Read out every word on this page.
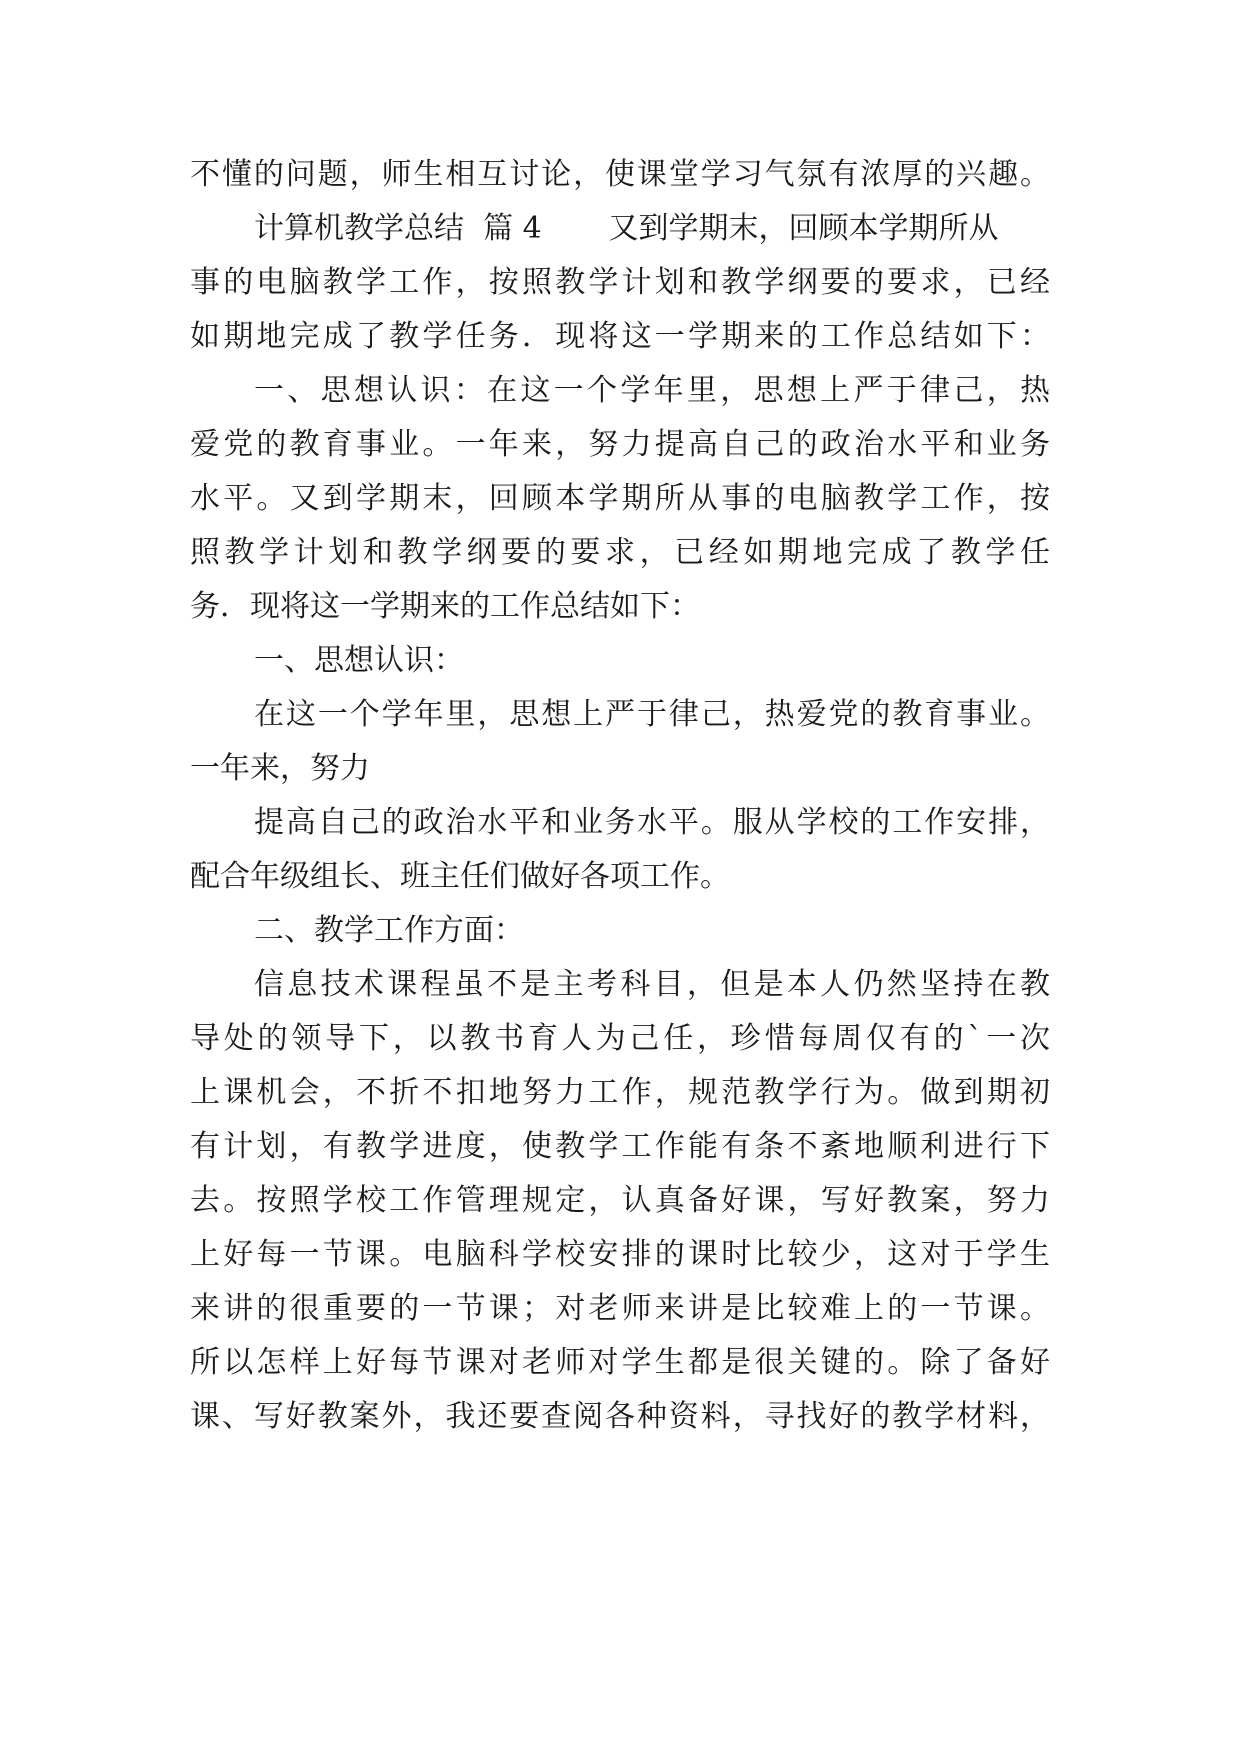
不懂的问题，师生相互讨论，使课堂学习气氛有浓厚的兴趣。
计算机教学总结  篇 4       又到学期末，回顾本学期所从
事的电脑教学工作，按照教学计划和教学纲要的要求，已经
如期地完成了教学任务．现将这一学期来的工作总结如下：
一、思想认识：在这一个学年里，思想上严于律己，热
爱党的教育事业。一年来，努力提高自己的政治水平和业务
水平。又到学期末，回顾本学期所从事的电脑教学工作，按
照教学计划和教学纲要的要求，已经如期地完成了教学任
务．现将这一学期来的工作总结如下：
一、思想认识：
在这一个学年里，思想上严于律己，热爱党的教育事业。
一年来，努力
提高自己的政治水平和业务水平。服从学校的工作安排，
配合年级组长、班主任们做好各项工作。
二、教学工作方面：
信息技术课程虽不是主考科目，但是本人仍然坚持在教
导处的领导下，以教书育人为己任，珍惜每周仅有的`一次
上课机会，不折不扣地努力工作，规范教学行为。做到期初
有计划，有教学进度，使教学工作能有条不紊地顺利进行下
去。按照学校工作管理规定，认真备好课，写好教案，努力
上好每一节课。电脑科学校安排的课时比较少，这对于学生
来讲的很重要的一节课；对老师来讲是比较难上的一节课。
所以怎样上好每节课对老师对学生都是很关键的。除了备好
课、写好教案外，我还要查阅各种资料，寻找好的教学材料，
